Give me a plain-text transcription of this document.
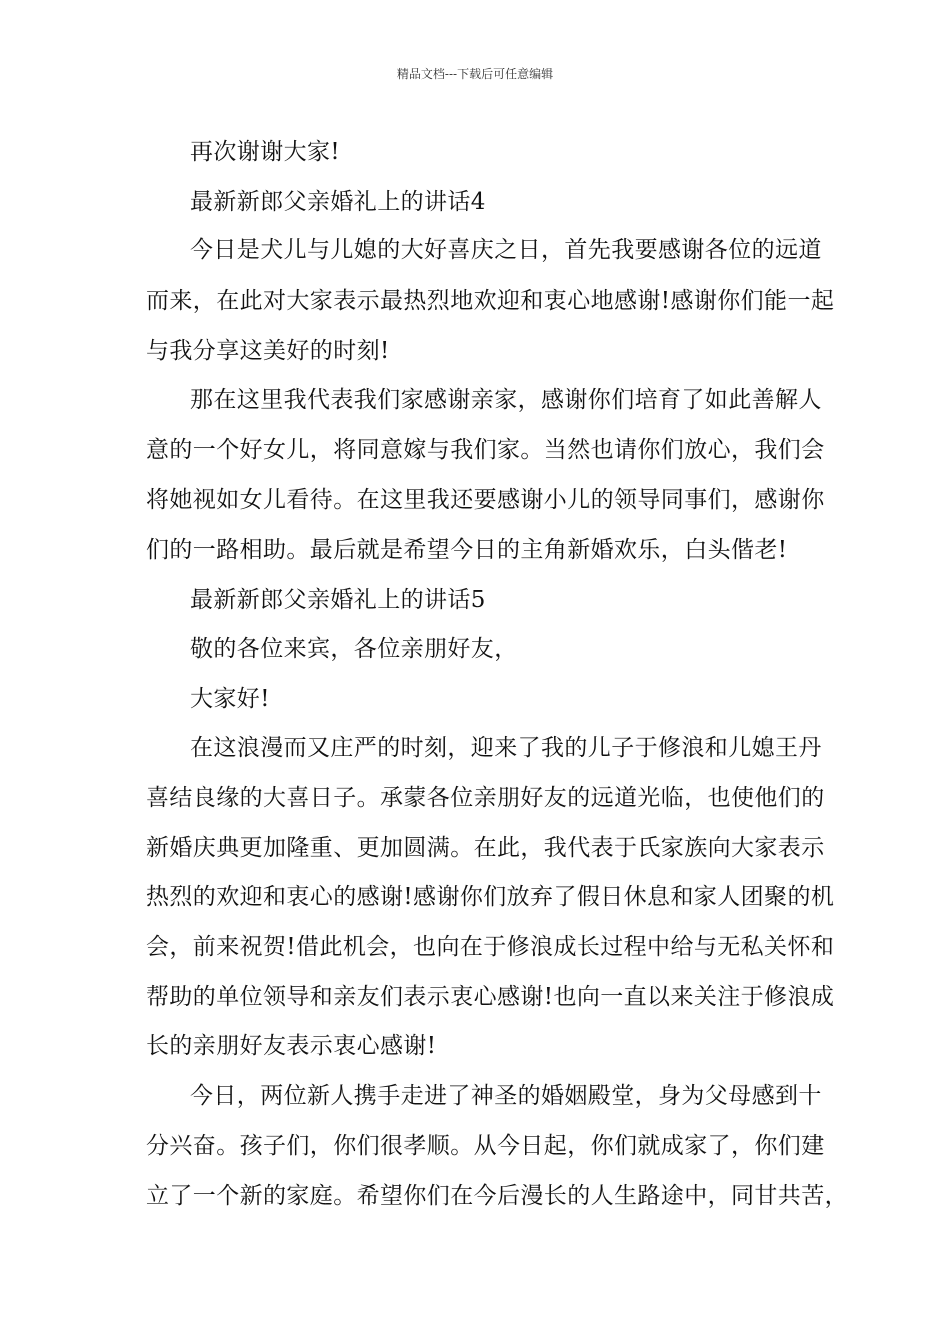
精品文档---下载后可任意编辑
再次谢谢大家!
最新新郎父亲婚礼上的讲话4
今日是犬儿与儿媳的大好喜庆之日，首先我要感谢各位的远道
而来，在此对大家表示最热烈地欢迎和衷心地感谢!感谢你们能一起
与我分享这美好的时刻!
那在这里我代表我们家感谢亲家，感谢你们培育了如此善解人
意的一个好女儿，将同意嫁与我们家。当然也请你们放心，我们会
将她视如女儿看待。在这里我还要感谢小儿的领导同事们，感谢你
们的一路相助。最后就是希望今日的主角新婚欢乐，白头偕老!
最新新郎父亲婚礼上的讲话5
敬的各位来宾，各位亲朋好友，
大家好!
在这浪漫而又庄严的时刻，迎来了我的儿子于修浪和儿媳王丹
喜结良缘的大喜日子。承蒙各位亲朋好友的远道光临，也使他们的
新婚庆典更加隆重、更加圆满。在此，我代表于氏家族向大家表示
热烈的欢迎和衷心的感谢!感谢你们放弃了假日休息和家人团聚的机
会，前来祝贺!借此机会，也向在于修浪成长过程中给与无私关怀和
帮助的单位领导和亲友们表示衷心感谢!也向一直以来关注于修浪成
长的亲朋好友表示衷心感谢!
今日，两位新人携手走进了神圣的婚姻殿堂，身为父母感到十
分兴奋。孩子们，你们很孝顺。从今日起，你们就成家了，你们建
立了一个新的家庭。希望你们在今后漫长的人生路途中，同甘共苦，
